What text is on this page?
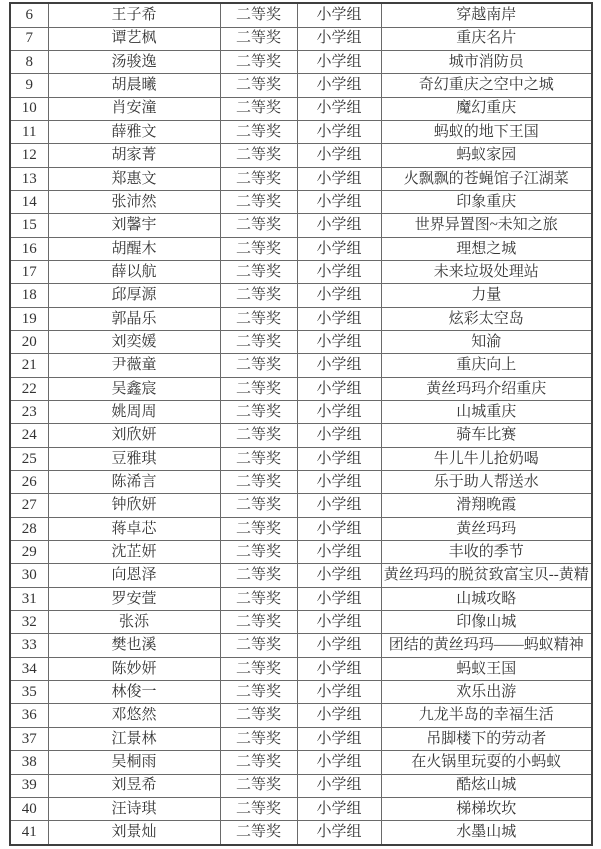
6	王子希	二等奖	小学组	穿越南岸
7	谭艺枫	二等奖	小学组	重庆名片
8	汤骏逸	二等奖	小学组	城市消防员
9	胡晨曦	二等奖	小学组	奇幻重庆之空中之城
10	肖安潼	二等奖	小学组	魔幻重庆
11	薛雅文	二等奖	小学组	蚂蚁的地下王国
12	胡家菁	二等奖	小学组	蚂蚁家园
13	郑惠文	二等奖	小学组	火飘飘的苍蝇馆子江湖菜
14	张沛然	二等奖	小学组	印象重庆
15	刘馨宇	二等奖	小学组	世界异置图~未知之旅
16	胡醒木	二等奖	小学组	理想之城
17	薛以航	二等奖	小学组	未来垃圾处理站
18	邱厚源	二等奖	小学组	力量
19	郭晶乐	二等奖	小学组	炫彩太空岛
20	刘奕媛	二等奖	小学组	知渝
21	尹薇童	二等奖	小学组	重庆向上
22	吴鑫宸	二等奖	小学组	黄丝玛玛介绍重庆
23	姚周周	二等奖	小学组	山城重庆
24	刘欣妍	二等奖	小学组	骑车比赛
25	豆雅琪	二等奖	小学组	牛儿牛儿抢奶喝
26	陈浠言	二等奖	小学组	乐于助人帮送水
27	钟欣妍	二等奖	小学组	滑翔晚霞
28	蒋卓芯	二等奖	小学组	黄丝玛玛
29	沈芷妍	二等奖	小学组	丰收的季节
30	向恩泽	二等奖	小学组	黄丝玛玛的脱贫致富宝贝--黄精
31	罗安萱	二等奖	小学组	山城攻略
32	张泺	二等奖	小学组	印像山城
33	樊也溪	二等奖	小学组	团结的黄丝玛玛——蚂蚁精神
34	陈妙妍	二等奖	小学组	蚂蚁王国
35	林俊一	二等奖	小学组	欢乐出游
36	邓悠然	二等奖	小学组	九龙半岛的幸福生活
37	江景林	二等奖	小学组	吊脚楼下的劳动者
38	吴桐雨	二等奖	小学组	在火锅里玩耍的小蚂蚁
39	刘昱希	二等奖	小学组	酷炫山城
40	汪诗琪	二等奖	小学组	梯梯坎坎
41	刘景灿	二等奖	小学组	水墨山城
